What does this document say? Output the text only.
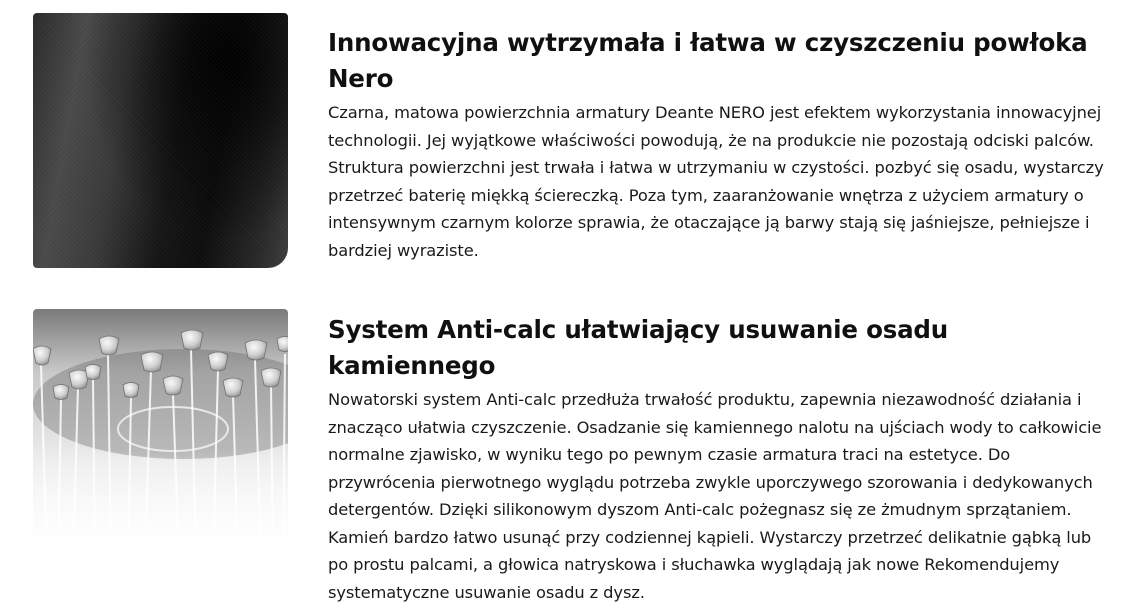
Innowacyjna wytrzymała i łatwa w czyszczeniu powłoka Nero

Czarna, matowa powierzchnia armatury Deante NERO jest efektem wykorzystania innowacyjnej technologii. Jej wyjątkowe właściwości powodują, że na produkcie nie pozostają odciski palców. Struktura powierzchni jest trwała i łatwa w utrzymaniu w czystości. pozbyć się osadu, wystarczy przetrzeć baterię miękką ściereczką. Poza tym, zaaranżowanie wnętrza z użyciem armatury o intensywnym czarnym kolorze sprawia, że otaczające ją barwy stają się jaśniejsze, pełniejsze i bardziej wyraziste.

System Anti-calc ułatwiający usuwanie osadu kamiennego

Nowatorski system Anti-calc przedłuża trwałość produktu, zapewnia niezawodność działania i znacząco ułatwia czyszczenie. Osadzanie się kamiennego nalotu na ujściach wody to całkowicie normalne zjawisko, w wyniku tego po pewnym czasie armatura traci na estetyce. Do przywrócenia pierwotnego wyglądu potrzeba zwykle uporczywego szorowania i dedykowanych detergentów. Dzięki silikonowym dyszom Anti-calc pożegnasz się ze żmudnym sprzątaniem. Kamień bardzo łatwo usunąć przy codziennej kąpieli. Wystarczy przetrzeć delikatnie gąbką lub po prostu palcami, a głowica natryskowa i słuchawka wyglądają jak nowe Rekomendujemy systematyczne usuwanie osadu z dysz.
